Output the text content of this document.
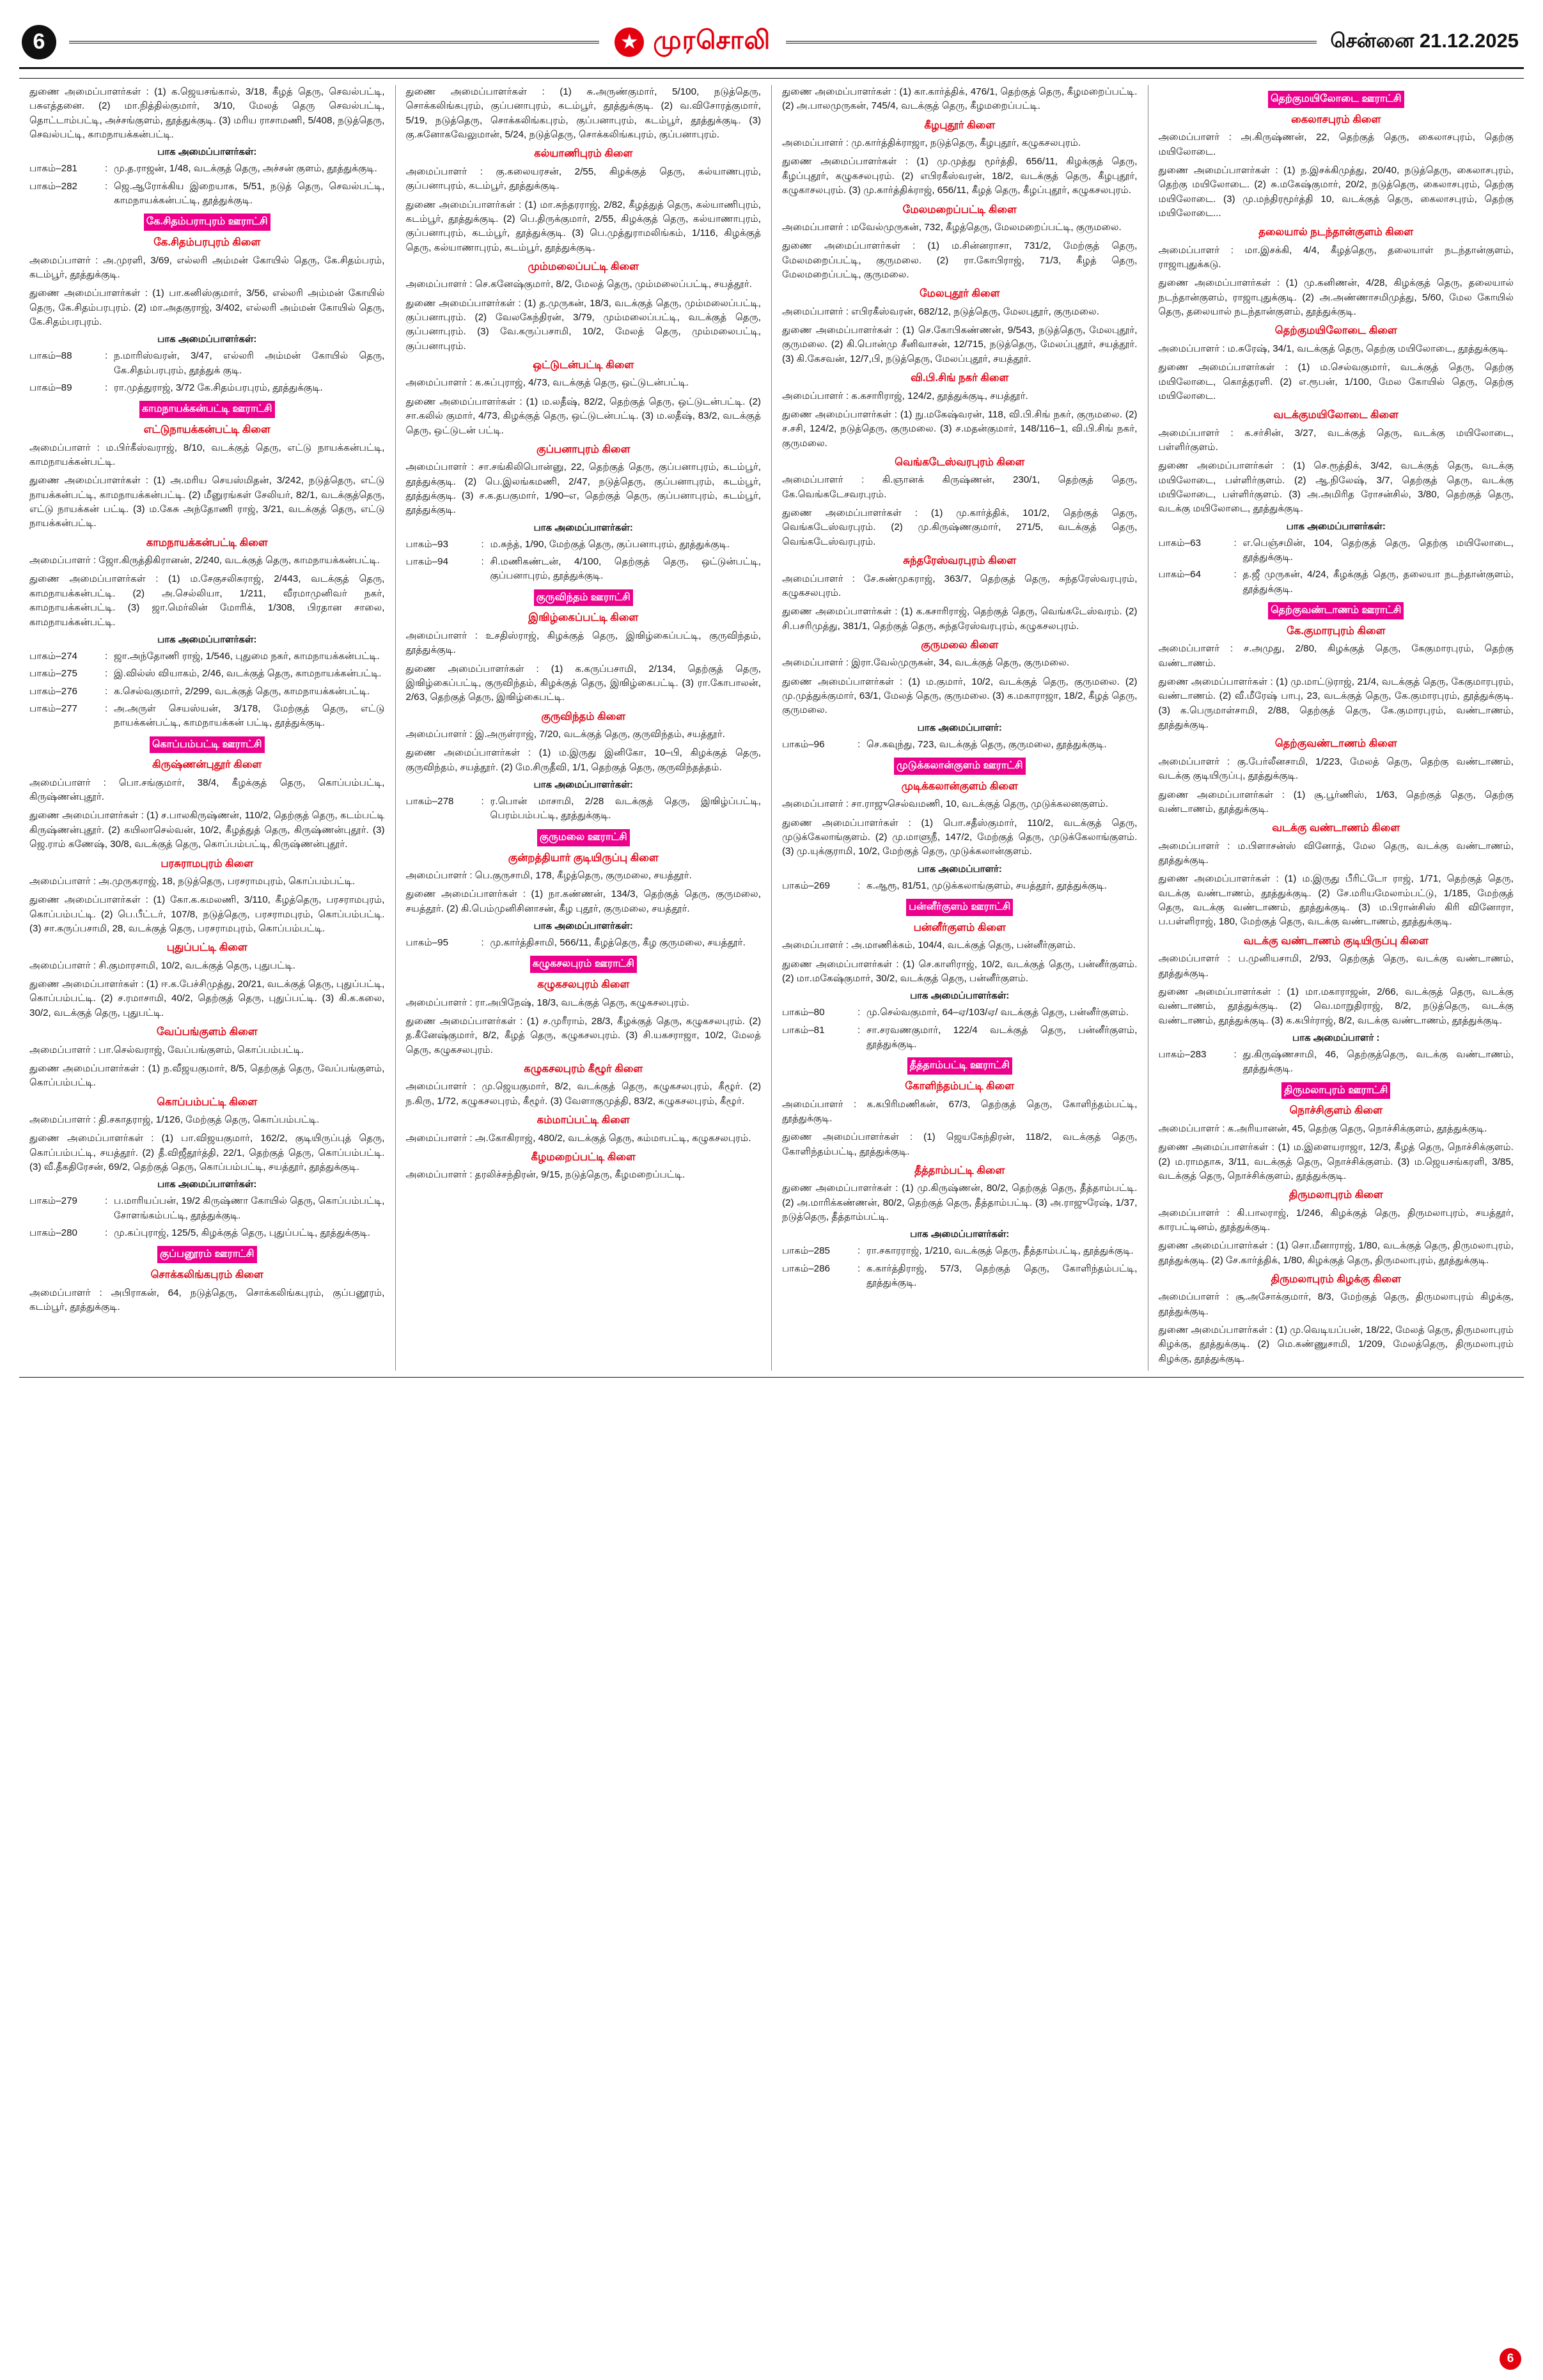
6	முரசொலி	சென்னை 21.12.2025

துணை அமைப்பாளர்கள் : (1) க.ஜெயசங்கால், 3/18, கீழத் தெரு, செவல்பட்டி, பசுஎத்தனை. (2) மா.நித்தில்குமார், 3/10, மேலத் தெரு செவல்பட்டி, தொட்டாம்பட்டி, அச்சங்குளம், தூத்துக்குடி. (3) மரிய ராசாமணி, 5/408, நடுத்தெரு, செவல்பட்டி, காமநாயக்கன்பட்டி.

பாக அமைப்பாளர்கள்:
பாகம்–281	: மு.த.ராஜன், 1/48, வடக்குத் தெரு, அச்சன் குளம், தூத்துக்குடி.
பாகம்–282	: ஜெ.ஆரோக்கிய இறையாக, 5/51, நடுத் தெரு, செவல்பட்டி, காமநாயக்கன்பட்டி, தூத்துக்குடி.
கே.சிதம்பராபுரம் ஊராட்சி
கே.சிதம்பரபுரம் கிளை

அமைப்பாளர் : அ.முரளி, 3/69, எல்லரி அம்மன் கோயில் தெரு, கே.சிதம்பரம், கடம்பூர், தூத்துக்குடி.

துணை அமைப்பாளர்கள் : (1) பா.கனிஸ்குமார், 3/56, எல்லரி அம்மன் கோயில் தெரு, கே.சிதம்பரபுரம். (2) மா.அதகுராஜ், 3/402, எல்லரி அம்மன் கோயில் தெரு, கே.சிதம்பரபுரம்.

பாக அமைப்பாளர்கள்:
பாகம்–88	: ந.மாரிஸ்வரன், 3/47, எல்லரி அம்மன் கோயில் தெரு, கே.சிதம்பரபுரம், தூத்துக் குடி.
பாகம்–89	: ரா.முத்துராஜ், 3/72 கே.சிதம்பரபுரம், தூத்துக்குடி.
காமநாயக்கன்பட்டி ஊராட்சி
எட்டுநாயக்கன்பட்டி கிளை

அமைப்பாளர் : ம.பிர்கீஸ்வராஜ், 8/10, வடக்குத் தெரு, எட்டு நாயக்கன்பட்டி, காமநாயக்கன்பட்டி.

துணை அமைப்பாளர்கள் : (1) அ.மரிய செயஸ்மிதன், 3/242, நடுத்தெரு, எட்டு நாயக்கன்பட்டி, காமநாயக்கன்பட்டி. (2) மீனுரங்கள் சேலியர், 82/1, வடக்குத்தெரு, எட்டு நாயக்கன் பட்டி. (3) ம.கேசு அந்தோணி ராஜ், 3/21, வடக்குத் தெரு, எட்டு நாயக்கன்பட்டி.

காமநாயக்கன்பட்டி கிளை

அமைப்பாளர் : ஜோ.கிருத்திகிரானன், 2/240, வடக்குத் தெரு, காமநாயக்கன்பட்டி.

துணை அமைப்பாளர்கள் : (1) ம.சேகுசலிசுராஜ், 2/443, வடக்குத் தெரு, காமநாயக்கன்பட்டி. (2) அ.செல்லியா, 1/211, வீரமாமுனிவர் நகர், காமநாயக்கன்பட்டி. (3) ஜா.மெர்லின் மோரிக், 1/308, பிரதான சாலை, காமநாயக்கன்பட்டி.

பாக அமைப்பாளர்கள்:
பாகம்–274	: ஜா.அந்தோணி ராஜ், 1/546, புதுமை நகர், காமநாயக்கன்பட்டி.
பாகம்–275	: இ.வில்ஸ் வியாகம், 2/46, வடக்குத் தெரு, காமநாயக்கன்பட்டி.
பாகம்–276	: க.செல்வகுமார், 2/299, வடக்குத் தெரு, காமநாயக்கன்பட்டி.
பாகம்–277	: அ.அருள் செயஸ்யன், 3/178, மேற்குத் தெரு, எட்டு நாயக்கன்பட்டி, காமநாயக்கன் பட்டி, தூத்துக்குடி.
கொப்பம்பட்டி ஊராட்சி
கிருஷ்ணன்புதூர் கிளை

அமைப்பாளர் : பொ.சங்குமார், 38/4, கீழக்குத் தெரு, கொப்பம்பட்டி, கிருஷ்ணன்புதூர்.

துணை அமைப்பாளர்கள் : (1) ச.பாலகிருஷ்ணன், 110/2, தெற்குத் தெரு, கடம்பட்டி கிருஷ்ணன்புதூர். (2) கயிலாசெல்வன், 10/2, கீழத்துத் தெரு, கிருஷ்ணன்புதூர். (3) ஜெ.ராம் கணேஷ், 30/8, வடக்குத் தெரு, கொப்பம்பட்டி, கிருஷ்ணன்புதூர்.

பரசுராமபுரம் கிளை

அமைப்பாளர் : அ.முருகராஜ், 18, நடுத்தெரு, பரசராமபுரம், கொப்பம்பட்டி.

துணை அமைப்பாளர்கள் : (1) கோ.க.கமலணி, 3/110, கீழத்தெரு, பரசராமபுரம், கொப்பம்பட்டி. (2) பெ.பீட்டர், 107/8, நடுத்தெரு, பரசராமபுரம், கொப்பம்பட்டி. (3) சா.கருப்பசாமி, 28, வடக்குத் தெரு, பரசராமபுரம், கொப்பம்பட்டி.

புதுப்பட்டி கிளை

அமைப்பாளர் : சி.குமாரசாமி, 10/2, வடக்குத் தெரு, புதுபட்டி.

துணை அமைப்பாளர்கள் : (1) ஈ.க.பேச்சிமுத்து, 20/21, வடக்குத் தெரு, புதுப்பட்டி, கொப்பம்பட்டி. (2) ச.ரமாசாமி, 40/2, தெற்குத் தெரு, புதுப்பட்டி. (3) கி.க.கலை, 30/2, வடக்குத் தெரு, புதுபட்டி.

வேப்பங்குளம் கிளை

அமைப்பாளர் : பா.செல்வராஜ், வேப்பங்குளம், கொப்பம்பட்டி.

துணை அமைப்பாளர்கள் : (1) ந.வீஜயகுமார், 8/5, தெற்குத் தெரு, வேப்பங்குளம், கொப்பம்பட்டி.

கொப்பம்பட்டி கிளை

அமைப்பாளர் : தி.சகாதராஜ், 1/126, மேற்குத் தெரு, கொப்பம்பட்டி.

துணை அமைப்பாளர்கள் : (1) பா.விஜயகுமார், 162/2, குடியிருப்புத் தெரு, கொப்பம்பட்டி, சயத்தூர். (2) தீ.விஜீதூர்த்தி, 22/1, தெற்குத் தெரு, கொப்பம்பட்டி. (3) வீ.தீகதிரேசன், 69/2, தெற்குத் தெரு, கொப்பம்பட்டி, சயத்தூர், தூத்துக்குடி.

பாக அமைப்பாளர்கள்:
பாகம்–279	: ப.மாரியப்பன், 19/2 கிருஷ்ணா கோயில் தெரு, கொப்பம்பட்டி, சோளங்கம்பட்டி, தூத்துக்குடி.
பாகம்–280	: மு.கப்புராஜ், 125/5, கிழக்குத் தெரு, புதுப்பட்டி, தூத்துக்குடி.
குப்பனூரம் ஊராட்சி
சொக்கலிங்கபுரம் கிளை

அமைப்பாளர் : அபிராகன், 64, நடுத்தெரு, சொக்கலிங்கபுரம், குப்பனூரம், கடம்பூர், தூத்துக்குடி.

துணை அமைப்பாளர்கள் : (1) சு.அருண்குமார், 5/100, நடுத்தெரு, சொக்கலிங்கபுரம், குப்பனாபுரம், கடம்பூர், தூத்துக்குடி. (2) வ.விசோரத்குமார், 5/19, நடுத்தெரு, சொக்கலிங்கபுரம், குப்பனாபுரம், கடம்பூர், தூத்துக்குடி. (3) கு.சுனோகவேலுமான், 5/24, நடுத்தெரு, சொக்கலிங்கபுரம், குப்பனாபுரம்.

கல்யாணிபுரம் கிளை

அமைப்பாளர் : கு.கலையரசன், 2/55, கிழக்குத் தெரு, கல்யாணபுரம், குப்பனாபுரம், கடம்பூர், தூத்துக்குடி.

துணை அமைப்பாளர்கள் : (1) மா.சுந்தரராஜ், 2/82, கீழத்துத் தெரு, கல்யாணிபுரம், கடம்பூர், தூத்துக்குடி. (2) பெ.திருக்குமார், 2/55, கிழக்குத் தெரு, கல்யாணாபுரம், குப்பனாபுரம், கடம்பூர், தூத்துக்குடி. (3) பெ.முத்துராமலிங்கம், 1/116, கிழக்குத் தெரு, கல்யாணாபுரம், கடம்பூர், தூத்துக்குடி.

மும்மலைப்பட்டி கிளை

அமைப்பாளர் : செ.கனேஷ்குமார், 8/2, மேலத் தெரு, மும்மலைப்பட்டி, சயத்தூர்.

துணை அமைப்பாளர்கள் : (1) த.முருகன், 18/3, வடக்குத் தெரு, மும்மலைப்பட்டி, குப்பனாபுரம். (2) வேலகேந்திரன், 3/79, மும்மலைப்பட்டி, வடக்குத் தெரு, குப்பனாபுரம். (3) வே.கருப்பசாமி, 10/2, மேலத் தெரு, மும்மலைபட்டி, குப்பனாபுரம்.

ஒட்டுடன்பட்டி கிளை

அமைப்பாளர் : க.சுப்புராஜ், 4/73, வடக்குத் தெரு, ஒட்டுடன்பட்டி.

துணை அமைப்பாளர்கள் : (1) ம.லதீஷ், 82/2, தெற்குத் தெரு, ஒட்டுடன்பட்டி. (2) சா.கலில் குமார், 4/73, கிழக்குத் தெரு, ஒட்டுடன்பட்டி. (3) ம.லதீஷ், 83/2, வடக்குத் தெரு, ஒட்டுடன் பட்டி.

குப்பனாபுரம் கிளை

அமைப்பாளர் : சா.சங்கிலிபொன்னு, 22, தெற்குத் தெரு, குப்பனாபுரம், கடம்பூர், தூத்துக்குடி. (2) பெ.இலங்கமணி, 2/47, நடுத்தெரு, குப்பனாபுரம், கடம்பூர், தூத்துக்குடி. (3) ச.க.தபகுமார், 1/90–எ, தெற்குத் தெரு, குப்பனாபுரம், கடம்பூர், தூத்துக்குடி.

பாக அமைப்பாளர்கள்:
பாகம்–93	: ம.சுந்த், 1/90, மேற்குத் தெரு, குப்பனாபுரம், தூத்துக்குடி.
பாகம்–94	: சி.மணிகண்டன், 4/100, தெற்குத் தெரு, ஒட்டுன்பட்டி, குப்பனாபுரம், தூத்துக்குடி.
குருவிந்தம் ஊராட்சி
இஙிழ்கைப்பட்டி கிளை

அமைப்பாளர் : உசதிஸ்ராஜ், கிழக்குத் தெரு, இஙிழ்கைப்பட்டி, குருவிந்தம், தூத்துக்குடி.

துணை அமைப்பாளர்கள் : (1) க.கருப்பசாமி, 2/134, தெற்குத் தெரு, இஙிழ்கைப்பட்டி, குருவிந்தம், கிழக்குத் தெரு, இஙிழ்கைபட்டி. (3) ரா.கோபாலன், 2/63, தெற்குத் தெரு, இஙிழ்கைபட்டி.

குருவிந்தம் கிளை

அமைப்பாளர் : இ.அருள்ராஜ், 7/20, வடக்குத் தெரு, குருவிந்தம், சயத்தூர்.

துணை அமைப்பாளர்கள் : (1) ம.இருது இனிகோ, 10–பி, கிழக்குத் தெரு, குருவிந்தம், சயத்தூர். (2) மே.சிருதீவி, 1/1, தெற்குத் தெரு, குருவிந்தத்தம்.

பாக அமைப்பாளர்கள்:
பாகம்–278	: ர.பொன் மாசாமி, 2/28 வடக்குத் தெரு, இஙிழ்ப்பட்டி, பெரம்பம்பட்டி, தூத்துக்குடி.
குருமலை ஊராட்சி
குன்றத்தியார் குடியிருப்பு கிளை

அமைப்பாளர் : பெ.குருசாமி, 178, கீழத்தெரு, குருமலை, சயத்தூர்.

துணை அமைப்பாளர்கள் : (1) நா.கண்ணன், 134/3, தெற்குத் தெரு, குருமலை, சயத்தூர். (2) கி.பெம்முனிசினாசன், கீழ புதூர், குருமலை, சயத்தூர்.

பாக அமைப்பாளர்கள்:
பாகம்–95	: மு.கார்த்திசாமி, 566/11, கீழத்தெரு, கீழ குருமலை, சயத்தூர்.
கழுகசலபுரம் ஊராட்சி
கழுகசலபுரம் கிளை

அமைப்பாளர் : ரா.அபிநேஷ், 18/3, வடக்குத் தெரு, கழுகசலபுரம்.

துணை அமைப்பாளர்கள் : (1) ச.முரீராம், 28/3, கீழக்குத் தெரு, கழுகசலபுரம். (2) த.கீனேஷ்குமார், 8/2, கீழத் தெரு, கழுகசலபுரம். (3) சி.யகசராஜா, 10/2, மேலத் தெரு, கழுகசலபுரம்.

கழுகசலபுரம் கீழூர் கிளை

அமைப்பாளர் : மு.ஜெயகுமார், 8/2, வடக்குத் தெரு, கழுகசலபுரம், கீழூர். (2) ந.கிரு, 1/72, கழுகசலபுரம், கீழூர். (3) வேளாகுமுத்தி, 83/2, கழுகசலபுரம், கீழூர்.

கம்மாப்பட்டி கிளை

அமைப்பாளர் : அ.கோகிராஜ், 480/2, வடக்குத் தெரு, கம்மாபட்டி, கழுகசலபுரம்.

கீழமறைப்பட்டி கிளை

அமைப்பாளர் : தரலிச்சந்திரன், 9/15, நடுத்தெரு, கீழமறைப்பட்டி.

துணை அமைப்பாளர்கள் : (1) கா.கார்த்திக், 476/1, தெற்குத் தெரு, கீழமறைப்பட்டி. (2) அ.பாலமுருகன், 745/4, வடக்குத் தெரு, கீழமறைப்பட்டி.

கீழபுதூர் கிளை

அமைப்பாளர் : மு.கார்த்திக்ராஜா, நடுத்தெரு, கீழபுதூர், கழுகசலபுரம்.

துணை அமைப்பாளர்கள் : (1) மு.முத்து மூர்த்தி, 656/11, கிழக்குத் தெரு, கீழப்புதூர், கழுகசலபுரம். (2) எபிரகீஸ்வரன், 18/2, வடக்குத் தெரு, கீழபுதூர், கழுகாசலபுரம். (3) மு.கார்த்திக்ராஜ், 656/11, கீழத் தெரு, கீழப்புதூர், கழுகசலபுரம்.

மேலமறைப்பட்டி கிளை

அமைப்பாளர் : மவேல்முருகன், 732, கீழத்தெரு, மேலமறைப்பட்டி, குருமலை.

துணை அமைப்பாளர்கள் : (1) ம.சின்னராசா, 731/2, மேற்குத் தெரு, மேலமறைப்பட்டி, குருமலை. (2) ரா.கோபிராஜ், 71/3, கீழத் தெரு, மேலமறைப்பட்டி, குருமலை.

மேலபுதூர் கிளை

அமைப்பாளர் : எபிரகீஸ்வரன், 682/12, நடுத்தெரு, மேலபுதூர், குருமலை.

துணை அமைப்பாளர்கள் : (1) செ.கோபிகண்ணன், 9/543, நடுத்தெரு, மேலபுதூர், குருமலை. (2) கி.பொன்மு சீனிவாசன், 12/715, நடுத்தெரு, மேலப்புதூர், சயத்தூர். (3) கி.கேசவன், 12/7,பி, நடுத்தெரு, மேலப்புதூர், சயத்தூர்.

வி.பி.சிங் நகர் கிளை

அமைப்பாளர் : க.கசாரிராஜ், 124/2, தூத்துக்குடி, சயத்தூர்.

துணை அமைப்பாளர்கள் : (1) நு.மகேஷ்வரன், 118, வி.பி.சிங் நகர், குருமலை. (2) ச.சசி, 124/2, நடுத்தெரு, குருமலை. (3) ச.மதன்குமார், 148/116–1, வி.பி.சிங் நகர், குருமலை.

வெங்கடேஸ்வரபுரம் கிளை

அமைப்பாளர் : கி.ஞானக் கிருஷ்ணன், 230/1, தெற்குத் தெரு, கே.வெங்கடேசவரபுரம்.

துணை அமைப்பாளர்கள் : (1) மு.கார்த்திக், 101/2, தெற்குத் தெரு, வெங்கடேஸ்வரபுரம். (2) மு.கிருஷ்ணகுமார், 271/5, வடக்குத் தெரு, வெங்கடேஸ்வரபுரம்.

சுந்தரேஸ்வரபுரம் கிளை

அமைப்பாளர் : சே.சுண்முகராஜ், 363/7, தெற்குத் தெரு, சுந்தரேஸ்வரபுரம், கழுகசலபுரம்.

துணை அமைப்பாளர்கள் : (1) க.கசாரிராஜ், தெற்குத் தெரு, வெங்கடேஸ்வரம். (2) சி.பசரிமுத்து, 381/1, தெற்குத் தெரு, சுந்தரேஸ்வரபுரம், கழுகசலபுரம்.

குருமலை கிளை

அமைப்பாளர் : இரா.வேல்முருகன், 34, வடக்குத் தெரு, குருமலை.

துணை அமைப்பாளர்கள் : (1) ம.குமார், 10/2, வடக்குத் தெரு, குருமலை. (2) மு.முத்துக்குமார், 63/1, மேலத் தெரு, குருமலை. (3) க.மகாராஜா, 18/2, கீழத் தெரு, குருமலை.

பாக அமைப்பாளர்:
பாகம்–96	: செ.கவுந்து, 723, வடக்குத் தெரு, குருமலை, தூத்துக்குடி.
முடுக்கலான்குளம் ஊராட்சி
முடிக்கலான்குளம் கிளை

அமைப்பாளர் : சா.ராஜுசெல்வமணி, 10, வடக்குத் தெரு, முடுக்கலனகுளம்.

துணை அமைப்பாளர்கள் : (1) பொ.சதீஸ்குமார், 110/2, வடக்குத் தெரு, முடுக்கேலாங்குளம். (2) மு.மாளுநீ, 147/2, மேற்குத் தெரு, முடுக்கேலாங்குளம். (3) மு.யுக்குராமி, 10/2, மேற்குத் தெரு, முடுக்கலான்குளம்.

பாக அமைப்பாளர்:
பாகம்–269	: க.ஆரூ, 81/51, முடுக்கலாங்குளம், சயத்தூர், தூத்துக்குடி.
பன்னீர்குளம் ஊராட்சி
பன்னீர்குளம் கிளை

அமைப்பாளர் : அ.மாணிக்கம், 104/4, வடக்குத் தெரு, பன்னீர்குளம்.

துணை அமைப்பாளர்கள் : (1) செ.காளிராஜ், 10/2, வடக்குத் தெரு, பன்னீர்குளம். (2) மா.மகேஷ்குமார், 30/2, வடக்குத் தெரு, பன்னீர்குளம்.

பாக அமைப்பாளர்கள்:
பாகம்–80	: மு.செல்வகுமார், 64–ஏ/103/ஏ/ வடக்குத் தெரு, பன்னீர்குளம்.
பாகம்–81	: சா.சரவணகுமார், 122/4 வடக்குத் தெரு, பன்னீர்குளம், தூத்துக்குடி.
தீத்தாம்பட்டி ஊராட்சி
கோளிந்தம்பட்டி கிளை

அமைப்பாளர் : க.கபிரிமணிகன், 67/3, தெற்குத் தெரு, கோளிந்தம்பட்டி, தூத்துக்குடி.

துணை அமைப்பாளர்கள் : (1) ஜெயகேந்திரன், 118/2, வடக்குத் தெரு, கோளிந்தம்பட்டி, தூத்துக்குடி.

தீத்தாம்பட்டி கிளை

துணை அமைப்பாளர்கள் : (1) மு.கிருஷ்ணன், 80/2, தெற்குத் தெரு, தீத்தாம்பட்டி. (2) அ.மாரிக்கண்ணன், 80/2, தெற்குத் தெரு, தீத்தாம்பட்டி. (3) அ.ராஜுரேஷ், 1/37, நடுத்தெரு, தீத்தாம்பட்டி.

பாக அமைப்பாளர்கள்:
பாகம்–285	: ரா.சகாரராஜ், 1/210, வடக்குத் தெரு, தீத்தாம்பட்டி, தூத்துக்குடி.
பாகம்–286	: க.கார்த்திராஜ், 57/3, தெற்குத் தெரு, கோளிந்தம்பட்டி, தூத்துக்குடி.
தெற்குமயிலோடை ஊராட்சி
கைலாசபுரம் கிளை

அமைப்பாளர் : அ.கிருஷ்ணன், 22, தெற்குத் தெரு, கைலாசபுரம், தெற்கு மயிலோடை.

துணை அமைப்பாளர்கள் : (1) ந.இசக்கிமுத்து, 20/40, நடுத்தெரு, கைலாசபுரம், தெற்கு மயிலோடை. (2) சு.மகேஷ்குமார், 20/2, நடுத்தெரு, கைலாசபுரம், தெற்கு மயிலோடை. (3) மு.மந்திரமூர்த்தி 10, வடக்குத் தெரு, கைலாசபுரம், தெற்கு மயிலோடை...

தலையால் நடந்தான்குளம் கிளை

அமைப்பாளர் : மா.இசக்கி, 4/4, கீழத்தெரு, தலையாள் நடந்தான்குளம், ராஜாபுதுக்கடு.

துணை அமைப்பாளர்கள் : (1) மு.கனிணன், 4/28, கிழக்குத் தெரு, தலையால் நடந்தான்குளம், ராஜாபுதுக்குடி. (2) அ.அண்ணாசமிமுத்து, 5/60, மேல கோயில் தெரு, தலையால் நடந்தான்குளம், தூத்துக்குடி.

தெற்குமயிலோடை கிளை

அமைப்பாளர் : ம.சுரேஷ், 34/1, வடக்குத் தெரு, தெற்கு மயிலோடை, தூத்துக்குடி.

துணை அமைப்பாளர்கள் : (1) ம.செல்வகுமார், வடக்குத் தெரு, தெற்கு மயிலோடை, கொத்தரளி. (2) எ.ரூபன், 1/100, மேல கோயில் தெரு, தெற்கு மயிலோடை.

வடக்குமயிலோடை கிளை

அமைப்பாளர் : க.சர்சின், 3/27, வடக்குத் தெரு, வடக்கு மயிலோடை, பள்ளிர்குளம்.

துணை அமைப்பாளர்கள் : (1) செ.ரூத்திக், 3/42, வடக்குத் தெரு, வடக்கு மயிலோடை, பள்ளிர்குளம். (2) ஆ.நிலேஷ், 3/7, தெற்குத் தெரு, வடக்கு மயிலோடை, பள்ளிர்குளம். (3) அ.அமிரித ரோசன்சில், 3/80, தெற்குத் தெரு, வடக்கு மயிலோடை, தூத்துக்குடி.

பாக அமைப்பாளர்கள்:
பாகம்–63	: எ.பெஞ்சமின், 104, தெற்குத் தெரு, தெற்கு மயிலோடை, தூத்துக்குடி.
பாகம்–64	: த.ஜீ முருகன், 4/24, கீழக்குத் தெரு, தலையா நடந்தான்குளம், தூத்துக்குடி.
தெற்குவண்டாணம் ஊராட்சி
கே.குமாரபுரம் கிளை

அமைப்பாளர் : ச.அமுது, 2/80, கிழக்குத் தெரு, கேகுமாரபுரம், தெற்கு வண்டாணம்.

துணை அமைப்பாளர்கள் : (1) மு.மாட்டுராஜ், 21/4, வடக்குத் தெரு, கேகுமாரபுரம், வண்டாணம். (2) வீ.மீரேஷ் பாபு, 23, வடக்குத் தெரு, கே.குமாரபுரம், தூத்துக்குடி. (3) க.பெருமாள்சாமி, 2/88, தெற்குத் தெரு, கே.குமாரபுரம், வண்டாணம், தூத்துக்குடி.

தெற்குவண்டாணம் கிளை

அமைப்பாளர் : கு.பேர்லீனசாமி, 1/223, மேலத் தெரு, தெற்கு வண்டாணம், வடக்கு குடியிருப்பு, தூத்துக்குடி.

துணை அமைப்பாளர்கள் : (1) சூ.பூர்ணிஸ், 1/63, தெற்குத் தெரு, தெற்கு வண்டாணம், தூத்துக்குடி.

வடக்கு வண்டாணம் கிளை

அமைப்பாளர் : ம.பிளாசன்ஸ் வினோத், மேல தெரு, வடக்கு வண்டாணம், தூத்துக்குடி.

துணை அமைப்பாளர்கள் : (1) ம.இருது பீரிட்டோ ராஜ், 1/71, தெற்குத் தெரு, வடக்கு வண்டாணம், தூத்துக்குடி. (2) சே.மரியமேலாம்பட்டு, 1/185, மேற்குத் தெரு, வடக்கு வண்டாணம், தூத்துக்குடி. (3) ம.பிரான்சிஸ் கிரி வினோரா, ப.பள்ளிராஜ், 180, மேற்குத் தெரு, வடக்கு வண்டாணம், தூத்துக்குடி.

வடக்கு வண்டாணம் குடியிருப்பு கிளை

அமைப்பாளர் : ப.முனியசாமி, 2/93, தெற்குத் தெரு, வடக்கு வண்டாணம், தூத்துக்குடி.

துணை அமைப்பாளர்கள் : (1) மா.மகாராஜன், 2/66, வடக்குத் தெரு, வடக்கு வண்டாணம், தூத்துக்குடி. (2) வெ.மாறுதிராஜ், 8/2, நடுத்தெரு, வடக்கு வண்டாணம், தூத்துக்குடி. (3) க.கபிர்ராஜ், 8/2, வடக்கு வண்டாணம், தூத்துக்குடி.

பாக அமைப்பாளர் :
பாகம்–283	: து.கிருஷ்ணசாமி, 46, தெற்குத்தெரு, வடக்கு வண்டாணம், தூத்துக்குடி.
திருமலாபுரம் ஊராட்சி
நொச்சிகுளம் கிளை

அமைப்பாளர் : க.அரியானன், 45, தெற்கு தெரு, நொச்சிக்குளம், தூத்துக்குடி.

துணை அமைப்பாளர்கள் : (1) ம.இளையராஜா, 12/3, கீழத் தெரு, நொச்சிக்குளம். (2) ம.ராமதாசு, 3/11, வடக்குத் தெரு, நொச்சிக்குளம். (3) ம.ஜெயசங்கரளி, 3/85, வடக்குத் தெரு, நொச்சிக்குளம், தூத்துக்குடி.

திருமலாபுரம் கிளை

அமைப்பாளர் : கி.பாலராஜ், 1/246, கிழக்குத் தெரு, திருமலாபுரம், சயத்தூர், காரபட்டினம், தூத்துக்குடி.

துணை அமைப்பாளர்கள் : (1) சொ.மீனாராஜ், 1/80, வடக்குத் தெரு, திருமலாபுரம், தூத்துக்குடி. (2) சே.கார்த்திக், 1/80, கிழக்குத் தெரு, திருமலாபுரம், தூத்துக்குடி.

திருமலாபுரம் கிழக்கு கிளை

அமைப்பாளர் : சூ.அசோக்குமார், 8/3, மேற்குத் தெரு, திருமலாபுரம் கிழக்கு, தூத்துக்குடி.

துணை அமைப்பாளர்கள் : (1) மு.வெடியப்பன், 18/22, மேலத் தெரு, திருமலாபுரம் கிழக்கு, தூத்துக்குடி. (2) மெ.கண்ணுசாமி, 1/209, மேலத்தெரு, திருமலாபுரம் கிழக்கு, தூத்துக்குடி.

6
